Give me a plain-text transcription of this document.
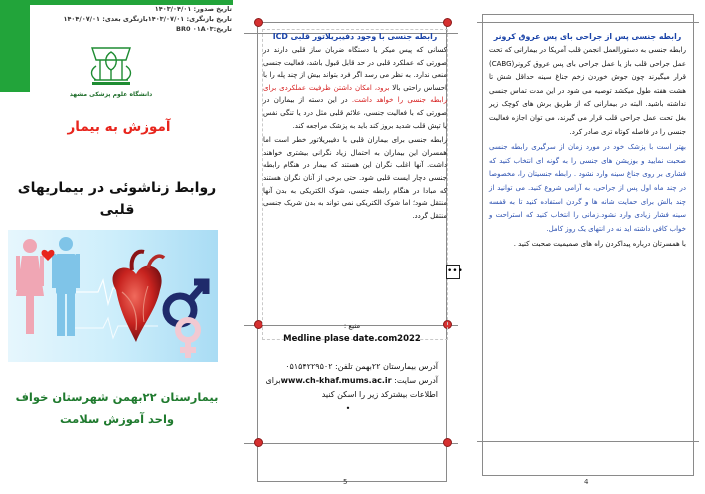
تاریخ صدور: ۱۴۰۳/۰۴/۰۱
تاریخ بازنگری: ۱۴۰۳/۰۷/۰۱بازنگری بعدی: ۱۴۰۴/۰۷/۰۱
تاریخ:BR0 ۰۱A۰۳
دانشگاه علوم پزشکی مشهد
آموزش به بیمار
روابط زناشوئی در بیماریهای قلبی
بیمارستان ۲۲بهمن شهرستان خواف
واحد آموزش سلامت
رابطه جنسی با وجود دفیبریلاتور قلبی ICD
کسانی که پیس میکر یا دستگاه ضربان ساز قلبی دارند در صورتی که عملکرد قلبی در حد قابل قبول باشد، فعالیت جنسی منعی ندارد. به نظر می رسد اگر فرد بتواند بیش از چند پله را با احساس راحتی بالا برود، امکان داشتن ظرفیت عملکردی برای رابطه جنسی را خواهد داشت. در این دسته از بیماران در صورتی که با فعالیت جنسی، علائم قلبی مثل درد یا تنگی نفس یا تپش قلب شدید بروز کند باید به پزشک مراجعه کند.
رابطه جنسی برای بیماران قلبی با دفیبریلاتور خطر است اما همسران این بیماران به احتمال زیاد نگرانی بیشتری خواهند داشت. آنها اغلب نگران این هستند که بیمار در هنگام رابطه جنسی دچار ایست قلبی شود. حتی برخی از آنان نگران هستند که مبادا در هنگام رابطه جنسی، شوک الکتریکی به بدن آنها منتقل شود؛ اما شوک الکتریکی نمی تواند به بدن شریک جنسی منتقل گردد.
•••
منبع :
Medline plase date.com2022
آدرس بیمارستان ۲۲بهمن تلفن: ۰۵۱۵۴۲۲۹۵۰۲
آدرس سایت: www.ch-khaf.mums.ac.irبرای
اطلاعات بیشترکد زیر را اسکن کنید
•
5
رابطه جنسی پس از جراحی بای پس عروق کرونر
رابطه جنسی به دستورالعمل انجمن قلب آمریکا در بیمارانی که تحت عمل جراحی قلب باز یا عمل جراحی بای پس عروق کرونر(CABG) قرار میگیرند چون جوش خوردن زخم جناغ سینه حداقل شش تا هشت هفته طول میکشد توصیه می شود در این مدت تماس جنسی نداشته باشید. البته در بیمارانی که از طریق برش های کوچک زیر بغل تحت عمل جراحی قلب قرار می گیرند، می توان اجازه فعالیت جنسی را در فاصله کوتاه تری صادر کرد.
بهتر است با پزشک خود در مورد زمان از سرگیری رابطه جنسی صحبت نمایید و بوزیشن های جنسی را به گونه ای انتخاب کنید که فشاری بر روی جناغ سینه وارد نشود . رابطه جنسیتان را، مخصوصا در چند ماه اول پس از جراحی، به آرامی شروع کنید. می توانید از چند بالش برای حمایت شانه ها و گردن استفاده کنید تا به قفسه سینه فشار زیادی وارد نشود.زمانی را انتخاب کنید که استراحت و خواب کافی داشته اید نه در انتهای یک روز کامل.
با همسرتان درباره پیداکردن راه های صمیمیت صحبت کنید .
4
